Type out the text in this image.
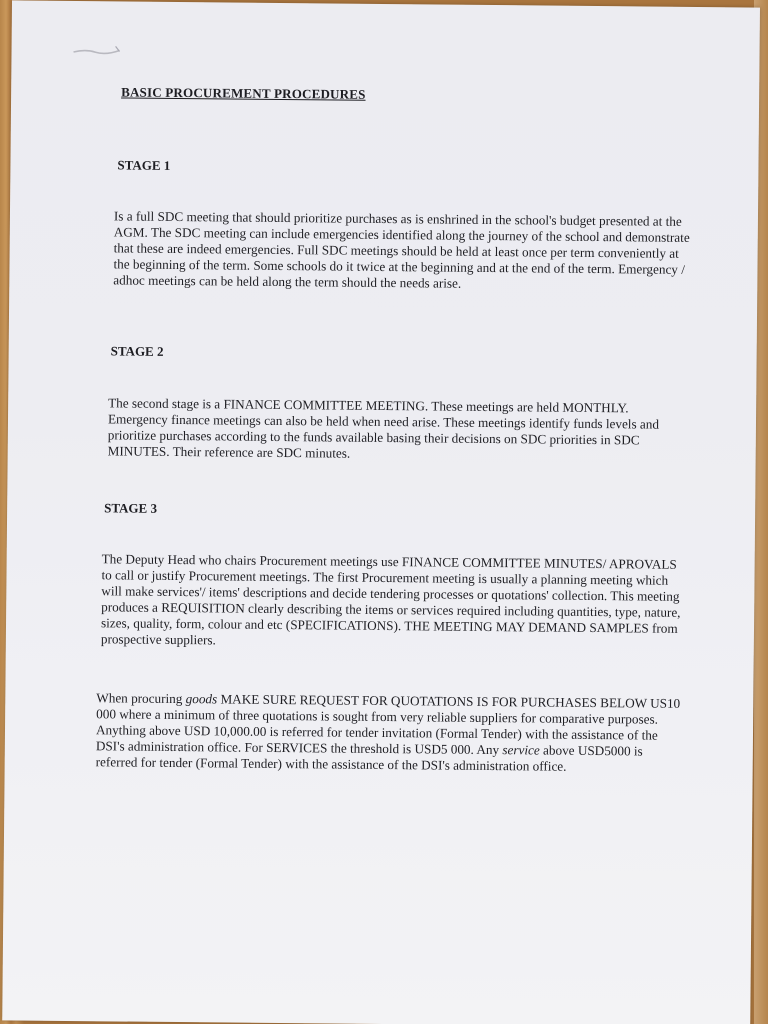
BASIC PROCUREMENT PROCEDURES
STAGE 1

Is a full SDC meeting that should prioritize purchases as is enshrined in the school's budget presented at the AGM. The SDC meeting can include emergencies identified along the journey of the school and demonstrate that these are indeed emergencies. Full SDC meetings should be held at least once per term conveniently at the beginning of the term. Some schools do it twice at the beginning and at the end of the term. Emergency / adhoc meetings can be held along the term should the needs arise.

STAGE 2

The second stage is a FINANCE COMMITTEE MEETING. These meetings are held MONTHLY. Emergency finance meetings can also be held when need arise. These meetings identify funds levels and prioritize purchases according to the funds available basing their decisions on SDC priorities in SDC MINUTES. Their reference are SDC minutes.

STAGE 3

The Deputy Head who chairs Procurement meetings use FINANCE COMMITTEE MINUTES/ APROVALS to call or justify Procurement meetings. The first Procurement meeting is usually a planning meeting which will make services'/ items' descriptions and decide tendering processes or quotations' collection. This meeting produces a REQUISITION clearly describing the items or services required including quantities, type, nature, sizes, quality, form, colour and etc (SPECIFICATIONS). THE MEETING MAY DEMAND SAMPLES from prospective suppliers.

When procuring goods MAKE SURE REQUEST FOR QUOTATIONS IS FOR PURCHASES BELOW US10 000 where a minimum of three quotations is sought from very reliable suppliers for comparative purposes. Anything above USD 10,000.00 is referred for tender invitation (Formal Tender) with the assistance of the DSI's administration office. For SERVICES the threshold is USD5 000. Any service above USD5000 is referred for tender (Formal Tender) with the assistance of the DSI's administration office.
